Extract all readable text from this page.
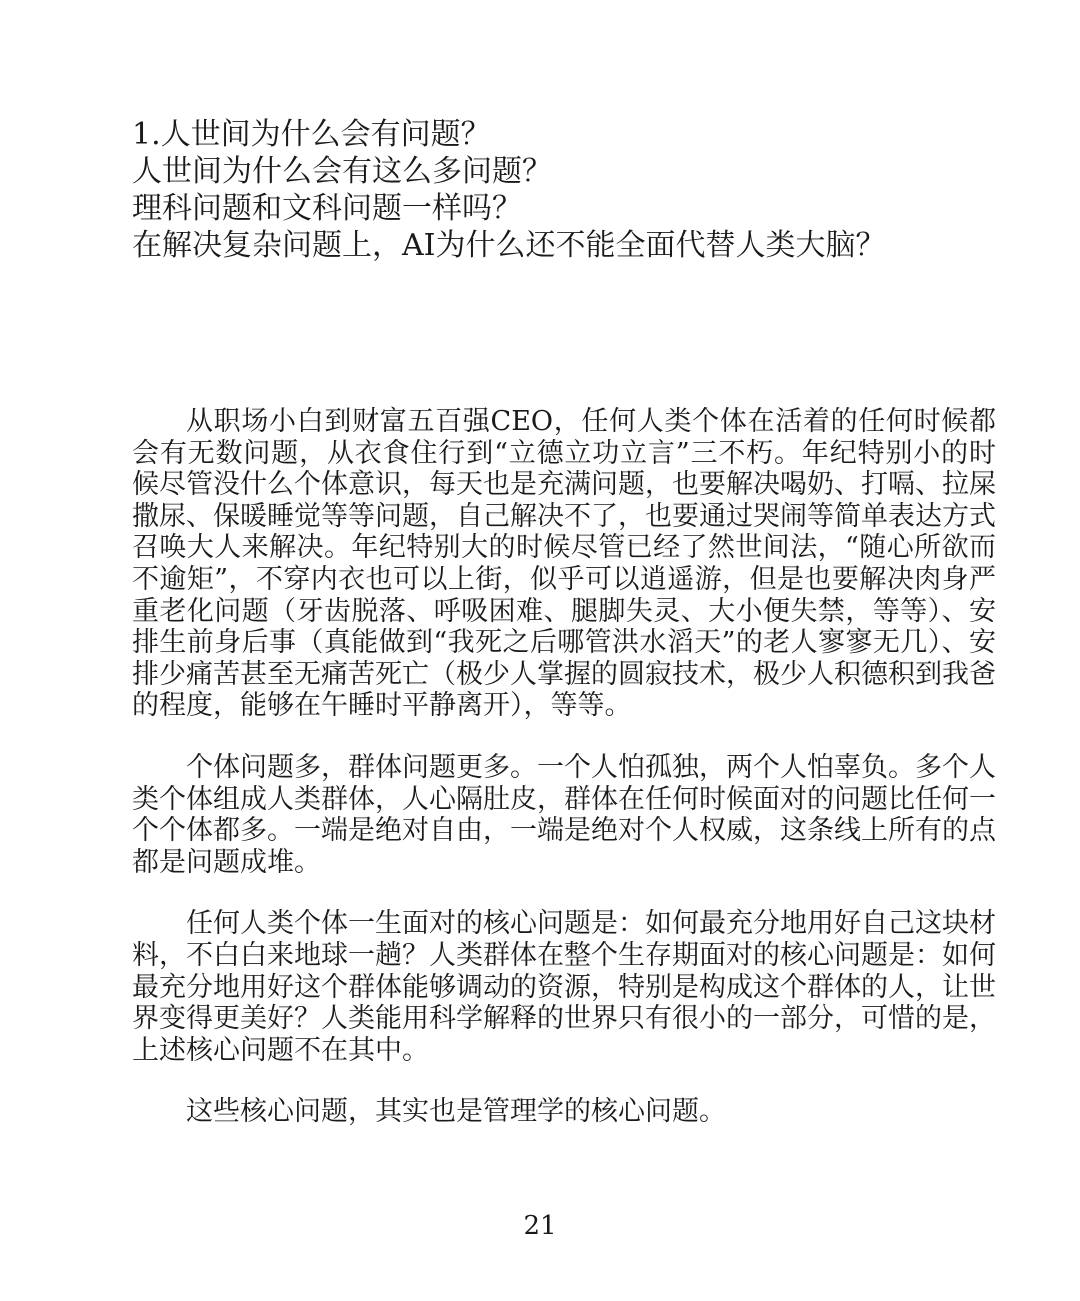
1.人世间为什么会有问题？
人世间为什么会有这么多问题？
理科问题和文科问题一样吗？
在解决复杂问题上，AI为什么还不能全面代替人类大脑？

从职场小白到财富五百强CEO，任何人类个体在活着的任何时候都会有无数问题，从衣食住行到“立德立功立言”三不朽。年纪特别小的时候尽管没什么个体意识，每天也是充满问题，也要解决喝奶、打嗝、拉屎撒尿、保暖睡觉等等问题，自己解决不了，也要通过哭闹等简单表达方式召唤大人来解决。年纪特别大的时候尽管已经了然世间法，“随心所欲而不逾矩”，不穿内衣也可以上街，似乎可以逍遥游，但是也要解决肉身严重老化问题（牙齿脱落、呼吸困难、腿脚失灵、大小便失禁，等等）、安排生前身后事（真能做到“我死之后哪管洪水滔天”的老人寥寥无几）、安排少痛苦甚至无痛苦死亡（极少人掌握的圆寂技术，极少人积德积到我爸的程度，能够在午睡时平静离开），等等。

个体问题多，群体问题更多。一个人怕孤独，两个人怕辜负。多个人类个体组成人类群体，人心隔肚皮，群体在任何时候面对的问题比任何一个个体都多。一端是绝对自由，一端是绝对个人权威，这条线上所有的点都是问题成堆。

任何人类个体一生面对的核心问题是：如何最充分地用好自己这块材料，不白白来地球一趟？人类群体在整个生存期面对的核心问题是：如何最充分地用好这个群体能够调动的资源，特别是构成这个群体的人，让世界变得更美好？人类能用科学解释的世界只有很小的一部分，可惜的是，上述核心问题不在其中。

这些核心问题，其实也是管理学的核心问题。

21
